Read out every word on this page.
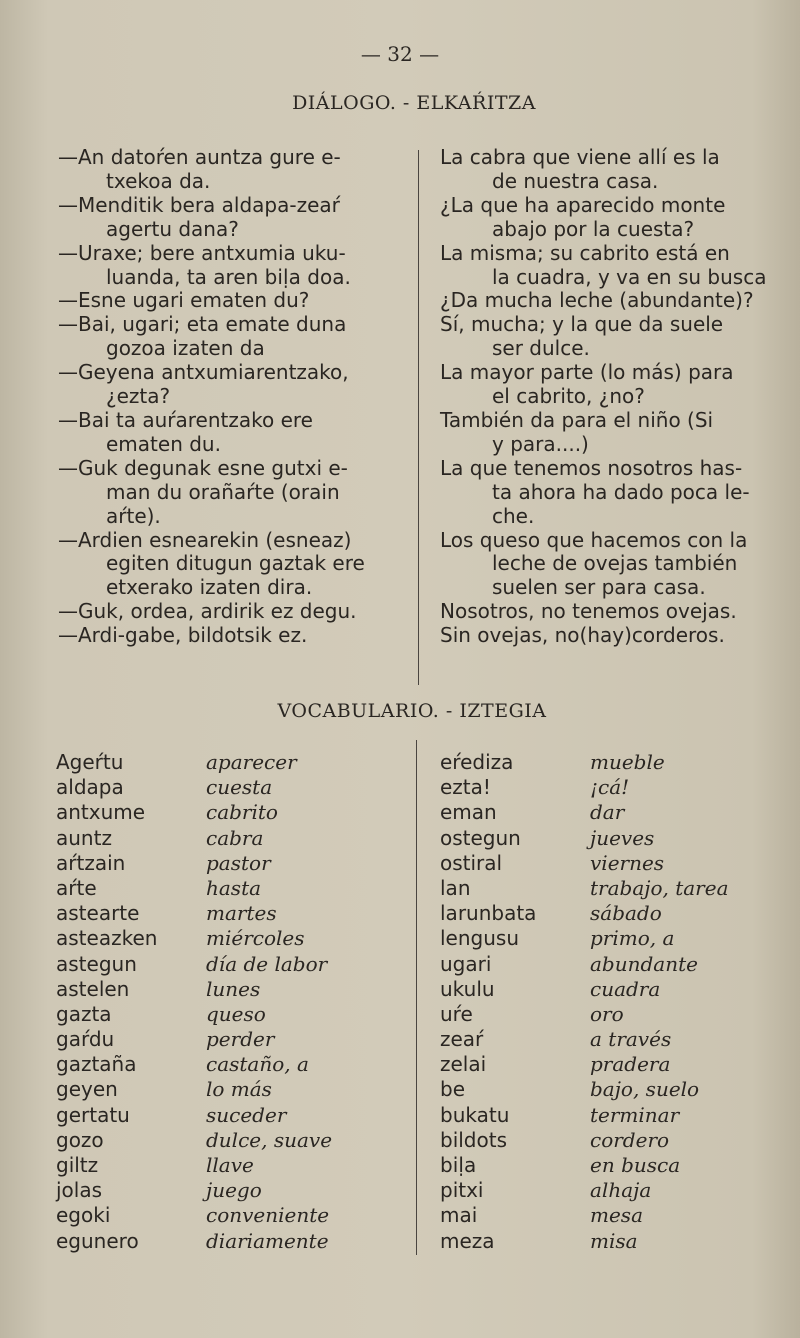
— 32 —
DIÁLOGO. - ELKAŔITZA
—An datoŕen auntza gure e-
txekoa da.
—Menditik bera aldapa-zeaŕ
agertu dana?
—Uraxe; bere antxumia uku-
luanda, ta aren biḷa doa.
—Esne ugari ematen du?
—Bai, ugari; eta emate duna
gozoa izaten da
—Geyena antxumiarentzako,
¿ezta?
—Bai ta auŕarentzako ere
ematen du.
—Guk degunak esne gutxi e-
man du orañaŕte (orain
aŕte).
—Ardien esnearekin (esneaz)
egiten ditugun gaztak ere
etxerako izaten dira.
—Guk, ordea, ardirik ez degu.
—Ardi-gabe, bildotsik ez.
La cabra que viene allí es la
de nuestra casa.
¿La que ha aparecido monte
abajo por la cuesta?
La misma; su cabrito está en
la cuadra, y va en su busca
¿Da mucha leche (abundante)?
Sí, mucha; y la que da suele
ser dulce.
La mayor parte (lo más) para
el cabrito, ¿no?
También da para el niño (Si
y para....)
La que tenemos nosotros has-
ta ahora ha dado poca le-
che.
Los queso que hacemos con la
leche de ovejas también
suelen ser para casa.
Nosotros, no tenemos ovejas.
Sin ovejas, no(hay)corderos.
VOCABULARIO. - IZTEGIA
Ageŕtu	aparecer
aldapa	cuesta
antxume	cabrito
auntz	cabra
aŕtzain	pastor
aŕte	hasta
astearte	martes
asteazken miércoles
astegun	día de labor
astelen	lunes
gazta	queso
gaŕdu	perder
gaztaña	castaño, a
geyen	lo más
gertatu	suceder
gozo	dulce, suave
giltz	llave
jolas	juego
egoki	conveniente
egunero	diariamente
eŕediza	mueble
ezta!	¡cá!
eman	dar
ostegun	jueves
ostiral	viernes
lan	trabajo, tarea
larunbata	sábado
lengusu	primo, a
ugari	abundante
ukulu	cuadra
uŕe	oro
zeaŕ	a través
zelai	pradera
be	bajo, suelo
bukatu	terminar
bildots	cordero
biḷa	en busca
pitxi	alhaja
mai	mesa
meza	misa
